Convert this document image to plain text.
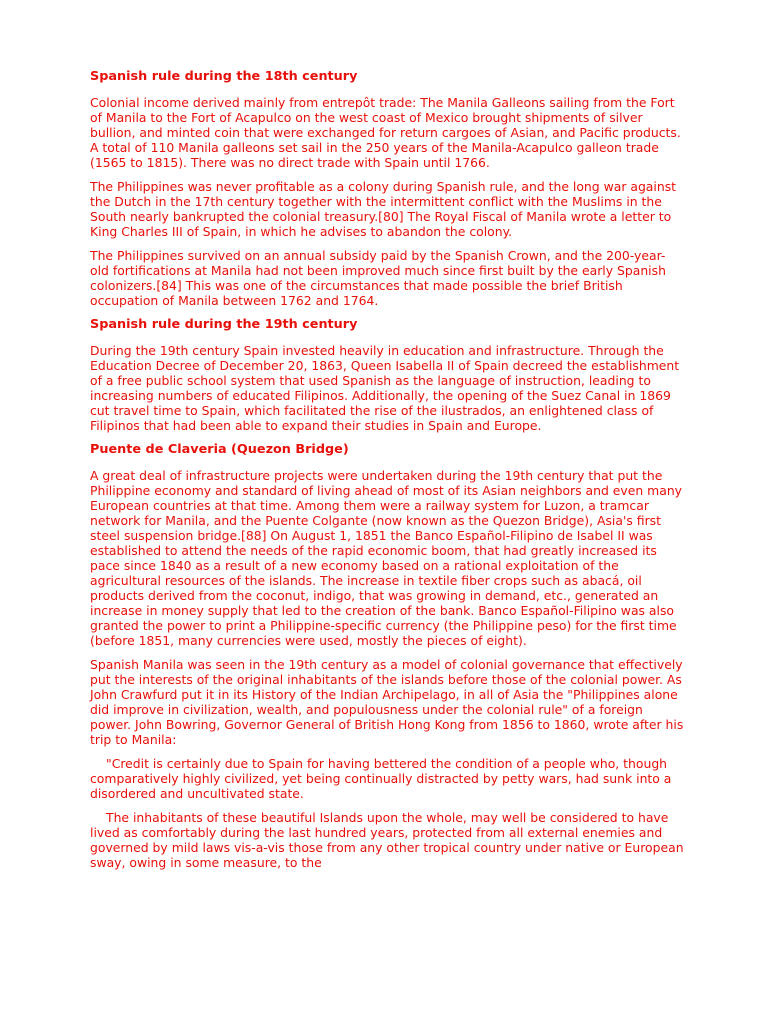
Spanish rule during the 18th century

Colonial income derived mainly from entrepôt trade: The Manila Galleons sailing from the Fort of Manila to the Fort of Acapulco on the west coast of Mexico brought shipments of silver bullion, and minted coin that were exchanged for return cargoes of Asian, and Pacific products. A total of 110 Manila galleons set sail in the 250 years of the Manila-Acapulco galleon trade (1565 to 1815). There was no direct trade with Spain until 1766.

The Philippines was never profitable as a colony during Spanish rule, and the long war against the Dutch in the 17th century together with the intermittent conflict with the Muslims in the South nearly bankrupted the colonial treasury.[80] The Royal Fiscal of Manila wrote a letter to King Charles III of Spain, in which he advises to abandon the colony.

The Philippines survived on an annual subsidy paid by the Spanish Crown, and the 200-year-old fortifications at Manila had not been improved much since first built by the early Spanish colonizers.[84] This was one of the circumstances that made possible the brief British occupation of Manila between 1762 and 1764.

Spanish rule during the 19th century

During the 19th century Spain invested heavily in education and infrastructure. Through the Education Decree of December 20, 1863, Queen Isabella II of Spain decreed the establishment of a free public school system that used Spanish as the language of instruction, leading to increasing numbers of educated Filipinos. Additionally, the opening of the Suez Canal in 1869 cut travel time to Spain, which facilitated the rise of the ilustrados, an enlightened class of Filipinos that had been able to expand their studies in Spain and Europe.

Puente de Claveria (Quezon Bridge)

A great deal of infrastructure projects were undertaken during the 19th century that put the Philippine economy and standard of living ahead of most of its Asian neighbors and even many European countries at that time. Among them were a railway system for Luzon, a tramcar network for Manila, and the Puente Colgante (now known as the Quezon Bridge), Asia's first steel suspension bridge.[88] On August 1, 1851 the Banco Español-Filipino de Isabel II was established to attend the needs of the rapid economic boom, that had greatly increased its pace since 1840 as a result of a new economy based on a rational exploitation of the agricultural resources of the islands. The increase in textile fiber crops such as abacá, oil products derived from the coconut, indigo, that was growing in demand, etc., generated an increase in money supply that led to the creation of the bank. Banco Español-Filipino was also granted the power to print a Philippine-specific currency (the Philippine peso) for the first time (before 1851, many currencies were used, mostly the pieces of eight).

Spanish Manila was seen in the 19th century as a model of colonial governance that effectively put the interests of the original inhabitants of the islands before those of the colonial power. As John Crawfurd put it in its History of the Indian Archipelago, in all of Asia the "Philippines alone did improve in civilization, wealth, and populousness under the colonial rule" of a foreign power. John Bowring, Governor General of British Hong Kong from 1856 to 1860, wrote after his trip to Manila:

"Credit is certainly due to Spain for having bettered the condition of a people who, though comparatively highly civilized, yet being continually distracted by petty wars, had sunk into a disordered and uncultivated state.

The inhabitants of these beautiful Islands upon the whole, may well be considered to have lived as comfortably during the last hundred years, protected from all external enemies and governed by mild laws vis-a-vis those from any other tropical country under native or European sway, owing in some measure, to the
